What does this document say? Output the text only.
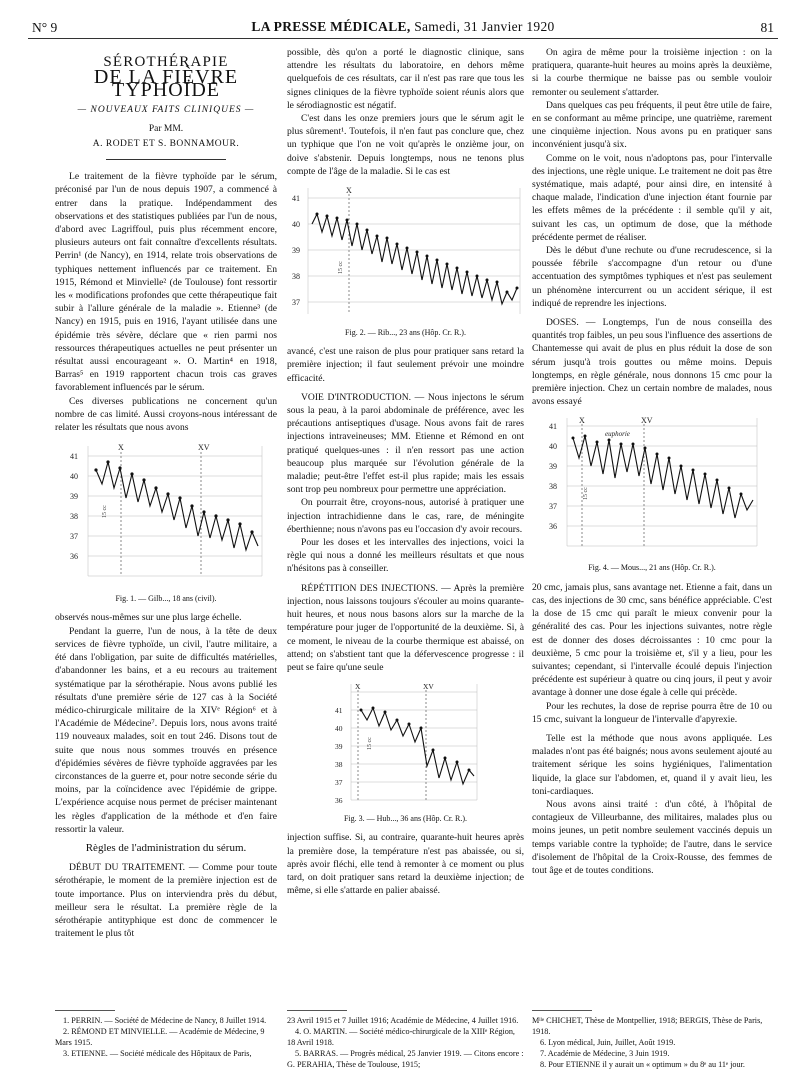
N° 9	LA PRESSE MÉDICALE, Samedi, 31 Janvier 1920	81
SÉROTHÉRAPIE
DE LA FIÈVRE TYPHOÏDE
— NOUVEAUX FAITS CLINIQUES —
Par MM.
A. RODET ET S. BONNAMOUR.

Le traitement de la fièvre typhoïde par le sérum, préconisé par l'un de nous depuis 1907, a commencé à entrer dans la pratique. Indépendamment des observations et des statistiques publiées par l'un de nous, d'abord avec Lagriffoul, puis plus récemment encore, plusieurs auteurs ont fait connaître d'excellents résultats. Perrin¹ (de Nancy), en 1914, relate trois observations de typhiques nettement influencés par ce traitement. En 1915, Rémond et Minvielle² (de Toulouse) font ressortir les « modifications profondes que cette thérapeutique fait subir à l'allure générale de la maladie ». Etienne³ (de Nancy) en 1915, puis en 1916, l'ayant utilisée dans une épidémie très sévère, déclare que « rien parmi nos ressources thérapeutiques actuelles ne peut présenter un résultat aussi encourageant ». O. Martin⁴ en 1918, Barras⁵ en 1919 rapportent chacun trois cas graves favorablement influencés par le sérum.

Ces diverses publications ne concernent qu'un nombre de cas limité. Aussi croyons-nous intéressant de relater les résultats que nous avons

41
40
39
38
37
36
X	XV
15 cc
Fig. 1. — Gilb..., 18 ans (civil).

observés nous-mêmes sur une plus large échelle.

Pendant la guerre, l'un de nous, à la tête de deux services de fièvre typhoïde, un civil, l'autre militaire, a été dans l'obligation, par suite de difficultés matérielles, d'abandonner les bains, et a eu recours au traitement systématique par la sérothérapie. Nous avons publié les résultats d'une première série de 127 cas à la Société médico-chirurgicale militaire de la XIVᵉ Région⁶ et à l'Académie de Médecine⁷. Depuis lors, nous avons traité 119 nouveaux malades, soit en tout 246. Disons tout de suite que nous nous sommes trouvés en présence d'épidémies sévères de fièvre typhoïde aggravées par les circonstances de la guerre et, pour notre seconde série du moins, par la coïncidence avec l'épidémie de grippe. L'expérience acquise nous permet de préciser maintenant les règles d'application de la méthode et d'en faire ressortir la valeur.

Règles de l'administration du sérum.

DÉBUT DU TRAITEMENT. — Comme pour toute sérothérapie, le moment de la première injection est de toute importance. Plus on interviendra près du début, meilleur sera le résultat. La première règle de la sérothérapie antityphique est donc de commencer le traitement le plus tôt

possible, dès qu'on a porté le diagnostic clinique, sans attendre les résultats du laboratoire, en dehors même quelquefois de ces résultats, car il n'est pas rare que tous les signes cliniques de la fièvre typhoïde soient réunis alors que le sérodiagnostic est négatif.

C'est dans les onze premiers jours que le sérum agit le plus sûrement¹. Toutefois, il n'en faut pas conclure que, chez un typhique que l'on ne voit qu'après le onzième jour, on doive s'abstenir. Depuis longtemps, nous ne tenons plus compte de l'âge de la maladie. Si le cas est

41
40
39
38
37
X
15 cc
Fig. 2. — Rib..., 23 ans (Hôp. Cr. R.).

avancé, c'est une raison de plus pour pratiquer sans retard la première injection; il faut seulement prévoir une moindre efficacité.

VOIE D'INTRODUCTION. — Nous injectons le sérum sous la peau, à la paroi abdominale de préférence, avec les précautions antiseptiques d'usage. Nous avons fait de rares injections intraveineuses; MM. Etienne et Rémond en ont pratiqué quelques-unes : il n'en ressort pas une action beaucoup plus marquée sur l'évolution générale de la maladie; peut-être l'effet est-il plus rapide; mais les essais sont trop peu nombreux pour permettre une appréciation.

On pourrait être, croyons-nous, autorisé à pratiquer une injection intrachidienne dans le cas, rare, de méningite éberthienne; nous n'avons pas eu l'occasion d'y avoir recours.

Pour les doses et les intervalles des injections, voici la règle qui nous a donné les meilleurs résultats et que nous n'hésitons pas à conseiller.

RÉPÉTITION DES INJECTIONS. — Après la première injection, nous laissons toujours s'écouler au moins quarante-huit heures, et nous nous basons alors sur la marche de la température pour juger de l'opportunité de la deuxième. Si, à ce moment, le niveau de la courbe thermique est abaissé, on attend; on s'abstient tant que la défervescence progresse : il peut se faire qu'une seule

41
40
39
38
37
36
X	XV
15 cc
Fig. 3. — Hub..., 36 ans (Hôp. Cr. R.).

injection suffise. Si, au contraire, quarante-huit heures après la première dose, la température n'est pas abaissée, ou si, après avoir fléchi, elle tend à remonter à ce moment ou plus tard, on doit pratiquer sans retard la deuxième injection; de même, si elle s'attarde en palier abaissé.

On agira de même pour la troisième injection : on la pratiquera, quarante-huit heures au moins après la deuxième, si la courbe thermique ne baisse pas ou semble vouloir remonter ou seulement s'attarder.

Dans quelques cas peu fréquents, il peut être utile de faire, en se conformant au même principe, une quatrième, rarement une cinquième injection. Nous avons pu en pratiquer sans inconvénient jusqu'à six.

Comme on le voit, nous n'adoptons pas, pour l'intervalle des injections, une règle unique. Le traitement ne doit pas être systématique, mais adapté, pour ainsi dire, en intensité à chaque malade, l'indication d'une injection étant fournie par les effets mêmes de la précédente : il semble qu'il y ait, suivant les cas, un optimum de dose, que la méthode précédente permet de réaliser.

Dès le début d'une rechute ou d'une recrudescence, si la poussée fébrile s'accompagne d'un retour ou d'une accentuation des symptômes typhiques et n'est pas seulement un phénomène intercurrent ou un accident sérique, il est indiqué de reprendre les injections.

DOSES. — Longtemps, l'un de nous conseilla des quantités trop faibles, un peu sous l'influence des assertions de Chantemesse qui avait de plus en plus réduit la dose de son sérum jusqu'à trois gouttes ou même moins. Depuis longtemps, en règle générale, nous donnons 15 cmc pour la première injection. Chez un certain nombre de malades, nous avons essayé

41
40
39
38
37
36
X	XV
euphorie
15 cc
Fig. 4. — Mous..., 21 ans (Hôp. Cr. R.).

20 cmc, jamais plus, sans avantage net. Etienne a fait, dans un cas, des injections de 30 cmc, sans bénéfice appréciable. C'est la dose de 15 cmc qui paraît le mieux convenir pour la généralité des cas. Pour les injections suivantes, notre règle est de donner des doses décroissantes : 10 cmc pour la deuxième, 5 cmc pour la troisième et, s'il y a lieu, pour les suivantes; cependant, si l'intervalle écoulé depuis l'injection précédente est supérieur à quatre ou cinq jours, il peut y avoir avantage à donner une dose égale à celle qui précède.

Pour les rechutes, la dose de reprise pourra être de 10 ou 15 cmc, suivant la longueur de l'intervalle d'apyrexie.

Telle est la méthode que nous avons appliquée. Les malades n'ont pas été baignés; nous avons seulement ajouté au traitement sérique les soins hygiéniques, l'alimentation liquide, la glace sur l'abdomen, et, quand il y avait lieu, les toni-cardiaques.

Nous avons ainsi traité : d'un côté, à l'hôpital de contagieux de Villeurbanne, des militaires, malades plus ou moins jeunes, un petit nombre seulement vaccinés depuis un temps variable contre la typhoïde; de l'autre, dans le service d'isolement de l'hôpital de la Croix-Rousse, des femmes de tout âge et de toutes conditions.

1. PERRIN. — Société de Médecine de Nancy, 8 Juillet 1914.

2. RÉMOND ET MINVIELLE. — Académie de Médecine, 9 Mars 1915.

3. ETIENNE. — Société médicale des Hôpitaux de Paris,

23 Avril 1915 et 7 Juillet 1916; Académie de Médecine, 4 Juillet 1916.

4. O. MARTIN. — Société médico-chirurgicale de la XIIIᵉ Région, 18 Avril 1918.

5. BARRAS. — Progrès médical, 25 Janvier 1919. — Citons encore : G. PERAHIA, Thèse de Toulouse, 1915;

Mˡˡᵉ CHICHET, Thèse de Montpellier, 1918; BERGIS, Thèse de Paris, 1918.

6. Lyon médical, Juin, Juillet, Août 1919.

7. Académie de Médecine, 3 Juin 1919.

8. Pour ETIENNE il y aurait un « optimum » du 8ᵉ au 11ᵉ jour.
